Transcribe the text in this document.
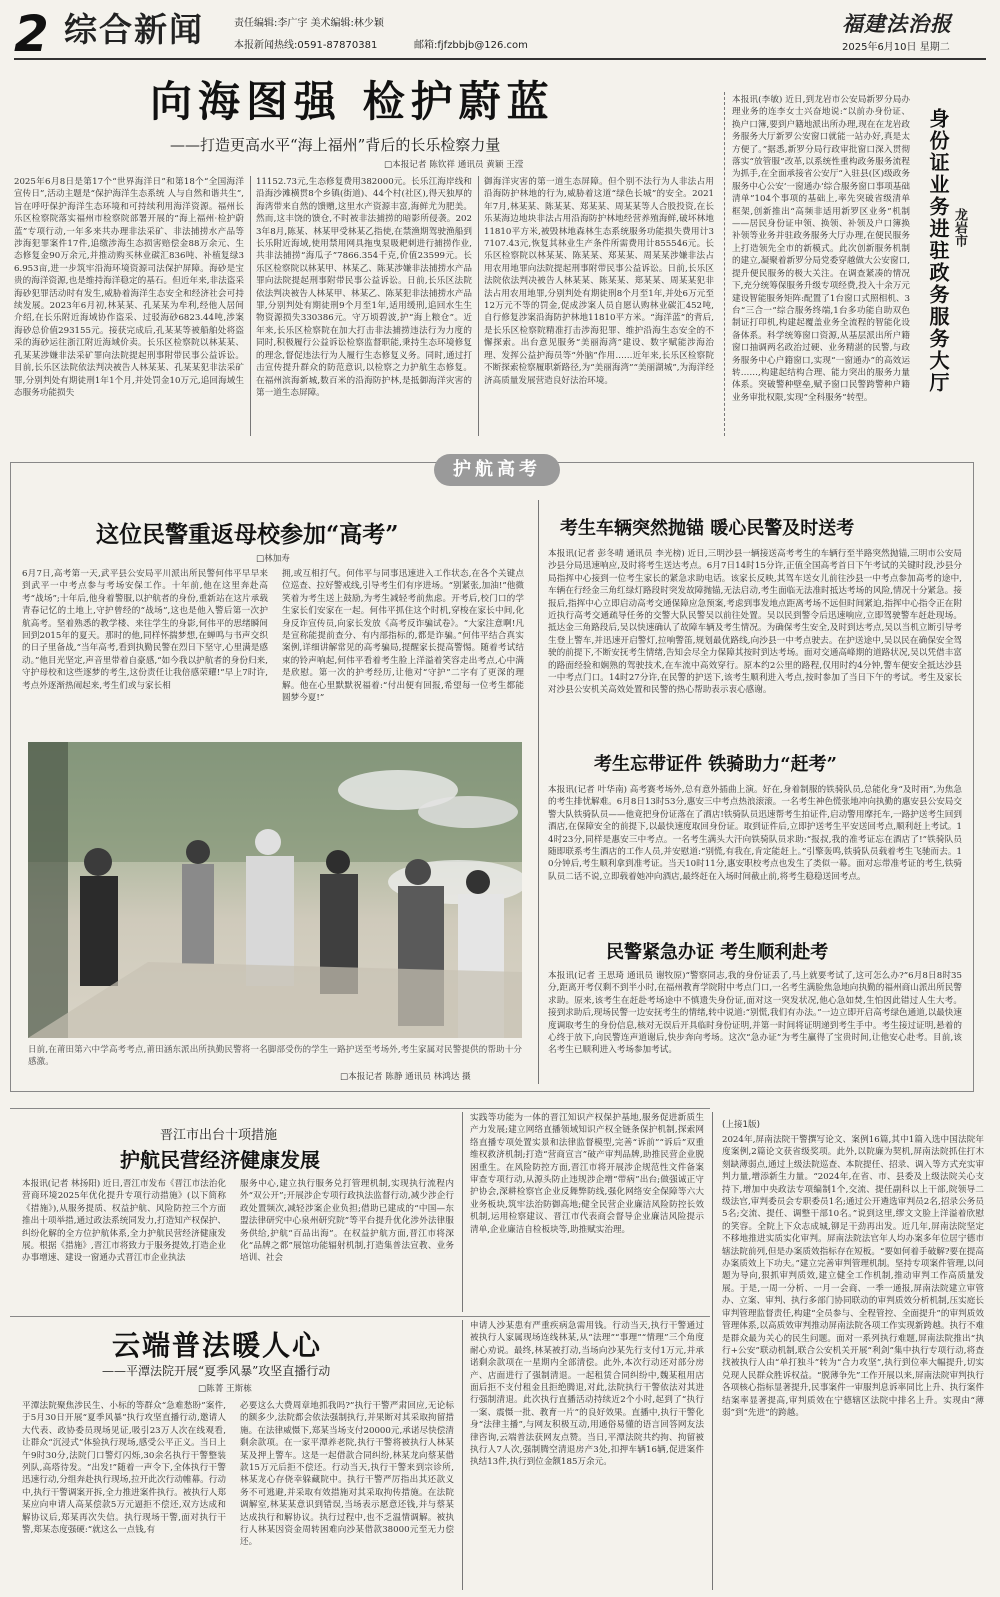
2 综合新闻	责任编辑:李广宇 美术编辑:林少颖
本报新闻热线:0591-87870381	邮箱:fjfzbbjb@126.com
福建法治报
2025年6月10日 星期二
向海图强 检护蔚蓝
——打造更高水平“海上福州”背后的长乐检察力量
□本报记者 陈钦祥 通讯员 黄颖 王滢
2025年6月8日是第17个“世界海洋日”和第18个“全国海洋宣传日”,活动主题是“保护海洋生态系统 人与自然和谐共生”,旨在呼吁保护海洋生态环境和可持续利用海洋资源。福州长乐区检察院落实福州市检察院部署开展的“海上福州·检护蔚蓝”专项行动,一年多来共办理非法采矿、非法捕捞水产品等涉海犯罪案件17件,追缴涉海生态损害赔偿金88万余元、生态修复金90万余元,并推动购买林业碳汇836吨、补植复绿36.953亩,进一步筑牢沿海环境资源司法保护屏障。海砂是宝贵的海洋资源,也是维持海洋稳定的基石。但近年来,非法盗采海砂犯罪活动时有发生,威胁着海洋生态安全和经济社会可持续发展。2023年6月初,林某某、孔某某为牟利,经他人居间介绍,在长乐附近海域协作盗采、过驳海砂6823.44吨,涉案海砂总价值293155元。接获完成后,孔某某等被船舶处将盗采的海砂运往浙江附近海域价卖。长乐区检察院以林某某、孔某某涉嫌非法采矿罪向法院提起刑事附带民事公益诉讼。目前,长乐区法院依法判决被告人林某某、孔某某犯非法采矿罪,分别判处有期徒刑1年1个月,并处罚金10万元,追回海域生态服务功能损失
11152.73元,生态修复费用382000元。长乐江海岸线和沿海沙滩横贯8个乡镇(街道)、44个村(社区),得天独厚的海湾带来自然的馈赠,这里水产资源丰富,海鲜尤为肥美。然而,这丰饶的馈仓,不时被非法捕捞的暗影所侵袭。2023年8月,陈某、林某甲受林某乙指使,在禁渔期驾驶渔船到长乐附近海域,使用禁用网具拖曳泵吸耙刺进行捕捞作业,共非法捕捞“海瓜子”7866.354千克,价值23599元。长乐区检察院以林某甲、林某乙、陈某涉嫌非法捕捞水产品罪向法院提起刑事附带民事公益诉讼。日前,长乐区法院依法判决被告人林某甲、林某乙、陈某犯非法捕捞水产品罪,分别判处有期徒刑9个月至1年,适用缓刑,追回水生生物资源损失330386元。守万顷碧波,护“海上粮仓”。近年来,长乐区检察院在加大打击非法捕捞违法行为力度的同时,积极履行公益诉讼检察监督职能,秉持生态环境修复的理念,督促违法行为人履行生态修复义务。同时,通过打击宣传提升群众的防范意识,以检察之力护航生态修复。在福州滨海新城,数百米的沿海防护林,是抵御海洋灾害的第一道生态屏障。
御海洋灾害的第一道生态屏障。但个别不法行为人非法占用沿海防护林地的行为,威胁着这道“绿色长城”的安全。2021年7月,林某某、陈某某、郑某某、周某某等人合股投资,在长乐某海边地块非法占用沿海防护林地经营养殖海鲜,破坏林地11810平方米,被毁林地森林生态系统服务功能损失费用计37107.43元,恢复其林业生产条件所需费用计855546元。长乐区检察院以林某某、陈某某、郑某某、周某某涉嫌非法占用农用地罪向法院提起刑事附带民事公益诉讼。日前,长乐区法院依法判决被告人林某某、陈某某、郑某某、周某某犯非法占用农用地罪,分别判处有期徒刑8个月至1年,并处6万元至12万元不等的罚金,促成涉案人员自愿认购林业碳汇452吨,自行修复涉案沿海防护林地11810平方米。“海洋蓝”的背后,是长乐区检察院精准打击涉海犯罪、维护沿海生态安全的不懈探索。出台意见服务“美丽海湾”建设、数字赋能涉海治理、发挥公益护海员等“外脑”作用……近年来,长乐区检察院不断探索检察履职新路径,为“美丽海湾”“美丽湖城”,为海洋经济高质量发展营造良好法治环境。
本报讯(李敏) 近日,到龙岩市公安局新罗分局办理业务的连李女士兴奋地说:“以前办身份证、换户口簿,要到户籍地派出所办理,现在在龙岩政务服务大厅新罗公安窗口就能一站办好,真是太方便了。”据悉,新罗分局行政审批窗口深入贯彻落实“放管服”改革,以系统性重构政务服务流程为抓手,在全面承接省公安厅“入驻县(区)级政务服务中心公安‘一窗通办’综合服务窗口事项基础清单”104个事项的基础上,率先突破省级清单框架,创新推出“高频非适用新罗区业务”机制——居民身份证申领、换领、补领及户口簿换补领等业务并驻政务服务大厅办理,在便民服务上打造领先全市的新模式。此次创新服务机制的建立,凝聚着新罗分局党委穿越做大公安窗口,提升便民服务的极大关注。在调查紧凑的情况下,充分统筹保服务升级专项经费,投入十余万元建设智能服务矩阵:配置了1台窗口式照相机、3台“三合一”综合服务终端,1台多功能自助双色制证打印机,构建起覆盖业务全流程的智能化设备体系。科学统筹窗口资源,从基层派出所户籍窗口抽调两名政治过硬、业务精湛的民警,与政务服务中心户籍窗口,实现“一窗通办”的高效运转……,构建起结构合理、能力突出的服务力量体系。突破警种壁垒,赋予窗口民警跨警种户籍业务审批权限,实现“全科服务”转型。
身份证业务进驻政务服务大厅 龙岩市
护航高考
这位民警重返母校参加“高考”
□林加寿
6月7日,高考第一天,武平县公安局平川派出所民警何伟平早早来到武平一中考点参与考场安保工作。十年前,他在这里奔赴高考“战场”;十年后,他身着警服,以护航者的身份,重新站在这片承载青春记忆的土地上,守护曾经的“战场”,这也是他入警后第一次护航高考。坚着熟悉的教学楼、来往学生的身影,何伟平的思绪瞬间回到2015年的夏天。那时的他,同样怀揣梦想,在蝉鸣与书声交织的日子里备战,“当年高考,看到执勤民警在烈日下坚守,心里满是感动。”他目光坚定,声音里带着自豪感,“如今我以护航者的身份归来,守护母校和这些逐梦的考生,这份责任让我倍感荣耀!”早上7时许,考点外逐渐热闹起来,考生们或与家长相
拥,或互相打气。何伟平与同事迅速进入工作状态,在各个关键点位巡查、拉好警戒线,引导考生们有序进场。“别紧张,加油!”他微笑着为考生送上鼓励,为考生减轻考前焦虑。开考后,校门口的学生家长们安家在一起。何伟平抓住这个时机,穿梭在家长中间,化身反诈宣传员,向家长发放《高考反诈骗试卷》。“大家注意啊!凡是宣称能提前查分、有内部指标的,都是诈骗。”何伟平结合真实案例,详细讲解常见的高考骗局,提醒家长提高警惕。随着考试结束的铃声响起,何伟平看着考生脸上洋溢着笑容走出考点,心中满是欣慰。第一次的护考经历,让他对“守护”二字有了更深的理解。他在心里默默祝福着:“付出便有回报,希望每一位考生都能圆梦今夏!”
日前,在莆田第六中学高考考点,莆田涵东派出所执勤民警将一名脚部受伤的学生一路护送至考场外,考生家属对民警提供的帮助十分感激。
□本报记者 陈静 通讯员 林鸿达 摄
考生车辆突然抛锚 暖心民警及时送考
本报讯(记者 彭冬晴 通讯员 李光榜) 近日,三明沙县一辆接送高考考生的车辆行至半路突然抛锚,三明市公安局沙县分局迅速响应,及时将考生送达考点。6月7日14时15分许,正值全国高考首日下午考试的关键时段,沙县分局指挥中心接到一位考生家长的紧急求助电话。该家长反映,其驾车送女儿前往沙县一中考点参加高考的途中,车辆在行经金三角红绿灯路段时突发故障抛锚,无法启动,考生面临无法准时抵达考场的风险,情况十分紧急。接报后,指挥中心立即启动高考交通保障应急预案,考虑到事发地点距离考场不远但时间紧迫,指挥中心指令正在附近执行高考交通疏导任务的交警大队民警吴以前往处置。吴以民到警令后迅速响应,立即驾驶警车赶赴现场。抵达金三角路段后,吴以快速确认了故障车辆及考生情况。为确保考生安全,及时到达考点,吴以当机立断引导考生登上警车,并迅速开启警灯,拉响警笛,规划最优路线,向沙县一中考点驶去。在护送途中,吴以民在确保安全驾驶的前提下,不断安抚考生情绪,告知会尽全力保障其按时到达考场。面对交通高峰期的道路状况,吴以凭借丰富的路面经验和娴熟的驾驶技术,在车流中高效穿行。原本约2公里的路程,仅用时约4分钟,警车便安全抵达沙县一中考点门口。14时27分许,在民警的护送下,该考生顺利进入考点,按时参加了当日下午的考试。考生及家长对沙县公安机关高效处置和民警的热心帮助表示衷心感谢。
考生忘带证件 铁骑助力“赶考”
本报讯(记者 叶华南) 高考赛考场外,总有意外插曲上演。好在,身着制服的铁骑队员,总能化身“及时雨”,为焦急的考生排忧解难。6月8日13时53分,惠安三中考点热浪滚滚。一名考生神色慌张地冲向执勤的惠安县公安局交警大队铁骑队员——他竟把身份证落在了酒店!铁骑队员迅速帮考生拍证件,启动警用摩托车,一路护送考生回到酒店,在保障安全的前提下,以最快速度取回身份证。取到证件后,立即护送考生平安送回考点,顺利赶上考试。14时23分,同样是惠安三中考点。一名考生满头大汗向铁骑队员求助:“报叔,我的准考证忘在酒店了!”铁骑队员随即联系考生酒店的工作人员,并安慰道:“别慌,有我在,肯定能赶上。”引擎轰鸣,铁骑队员载着考生飞驰而去。10分钟后,考生顺利拿到准考证。当天10时11分,惠安职校考点也发生了类似一幕。面对忘带准考证的考生,铁骑队员二话不说,立即载着她冲向酒店,最终赶在入场时间截止前,将考生稳稳送回考点。
民警紧急办证 考生顺利赴考
本报讯(记者 王思琦 通讯员 谢牧原)“警察同志,我的身份证丢了,马上就要考试了,这可怎么办?”6月8日8时35分,距离开考仅剩不到半小时,在福州教育学院附中考点门口,一名考生满脸焦急地向执勤的福州商山派出所民警求助。原来,该考生在赶赴考场途中不慎遗失身份证,面对这一突发状况,他心急如焚,生怕因此错过人生大考。接到求助后,现场民警一边安抚考生的情绪,转中说道:“别慌,我们有办法。”一边立即开启高考绿色通道,以最快速度调取考生的身份信息,核对无误后开具临时身份证明,并第一时间将证明递到考生手中。考生接过证明,悬着的心终于放下,向民警连声道谢后,快步奔向考场。这次“急办证”为考生赢得了宝贵时间,让他安心赴考。目前,该名考生已顺利进入考场参加考试。
晋江市出台十项措施
护航民营经济健康发展
本报讯(记者 林扬阳) 近日,晋江市发布《晋江市法治化营商环境2025年优化提升专项行动措施》(以下简称《措施》),从服务提质、权益护航、风险防控三个方面推出十项举措,通过政法系统同发力,打造知产权保护、纠纷化解的全方位护航体系,全力护航民营经济健康发展。根据《措施》,晋江市将致力于服务提效,打造企业办事增速、建设一窗通办式晋江市企业执法
服务中心,建立执行服务兑打管理机制,实现执行流程内外“双公开”;开展涉企专项行政执法监督行动,减少涉企行政处置频次,减轻涉案企业负担;借助已建成的“中国—东盟法律研究中心泉州研究院”等平台提升优化涉外法律服务供给,护航“百品出海”。在权益护航方面,晋江市将深化“品牌之都”展馆功能辐射机制,打造集普法宣教、业务培训、社会
实践等功能为一体的晋江知识产权保护基地,服务促进新质生产力发展;建立网络直播领域知识产权全链条保护机制,探索网络直播专项处置实景和法律监督模型,完善“诉前”“诉后”双重维权救济机制;打造“营商宣言”破产审判品牌,助推民营企业脱困重生。在风险防控方面,晋江市将开展涉企规范性文件备案审查专项行动,从源头防止违规涉企增“带病”出台;做强诚正守护协会,深耕检察官企业反舞弊防线,强化网络安全保障等六大业务板块,筑牢法治防御高地;健全民营企业廉洁风险防控长效机制,运用检察建议、晋江市代表商会督导企业廉洁风险提示清单,企业廉洁自检板块等,助推赋实治理。
云端普法暖人心
——平潭法院开展“夏季风暴”攻坚直播行动
□陈菁 王斯栋
平潭法院聚焦涉民生、小标的等群众“急难愁盼”案件,于5月30日开展“夏季风暴”执行攻坚直播行动,邀请人大代表、政协委员现场见证,吸引23万人次在线观看,让群众“沉浸式”体验执行现场,感受公平正义。当日上午9时30分,法院门口警灯闪烁,30余名执行干警整装列队,高塔待发。“出发!”随着一声令下,全体执行干警迅速行动,分组奔赴执行现场,拉开此次行动帷幕。行动中,执行干警调案开拆,全力推进案件执行。被执行人郑某应向申请人高某偿款5万元逼拒不偿还,双方达成和解协议后,郑某再次失信。执行现场干警,面对执行干警,郑某态度强硬:“就这么一点钱,有
必要这么大费周章地抓我吗?”执行干警严肃回应,无论标的额多少,法院都会依法强制执行,并果断对其采取拘留措施。在法律威慑下,郑某当场支付20000元,承诺尽快偿清剩余款项。在一家平潭养老院,执行干警将被执行人林某某及押上警车。这是一起借款合同纠纷,林某龙向蔡某借款15万元后拒不偿还。行动当天,执行干警来到宗诊所,林某龙心存侥幸躲藏院中。执行干警严厉指出其还款义务不可逃避,并采取有效措施对其采取拘传措施。在法院调解室,林某某意识到错误,当场表示愿意还钱,并与蔡某达成执行和解协议。执行过程中,也不乏温情调解。被执行人林某因资金周转困难向沙某借款38000元至无力偿还。
申请人沙某患有严重疾病急需用钱。行动当天,执行干警通过被执行人家属现场连线林某,从“法理”“事理”“情理”三个角度耐心劝说。最终,林某被打动,当场向沙某先行支付1万元,并承诺剩余款项在一星期内全部清偿。此外,本次行动还对部分房产、店面进行了强制清退。一起租赁合同纠纷中,魏某租用店面后拒不支付租金且拒绝腾退,对此,法院执行干警依法对其进行强制清退。此次执行直播活动持续近2个小时,起到了“执行一案、震慑一批、教育一片”的良好效果。直播中,执行干警化身“法律主播”,与网友积极互动,用通俗易懂的语言回答网友法律咨询,云端普法获网友点赞。当日,平潭法院共约拘、拘留被执行人7人次,强制腾空清退房产3处,扣押车辆16辆,促进案件执结13件,执行到位金额185万余元。
(上接1版)
2024年,屏南法院干警撰写论文、案例16篇,其中1篇入选中国法院年度案例,2篇论文获省级奖项。此外,以院廉为契机,屏南法院抓住打木刻缺薄弱点,通过上级法院巡查、本院提任、招录、调入等方式充实审判力量,增添新生力量。“2024年,在省、市、县委及上级法院关心支持下,增加中央政法专项编制1个,交流、提任副科以上干部,院领导二级法官,审判委员会专职委员1名;通过公开遴选审判员2名,招录公务员5名;交流、提任、调整干部10名。”说到这里,缪文文脸上洋溢着欣慰的笑容。全院上下众志成城,铆足干劲再出发。近几年,屏南法院坚定不移地推进实质实化审判。屏南法院法官年人均办案多年位居宁德市辖法院前列,但是办案质效指标存在短板。“要如何着手破解?要在提高办案质效上下功夫。”建立完善审判管理机制。坚持专项案件管理,以问题为导向,狠抓审判质效,建立健全工作机制,推动审判工作高质量发展。于是,一周一分析、一月一会商、一季一通报,屏南法院建立审管办、立案、审判、执行多部门协同联动的审判质效分析机制,压实庭长审判管理监督责任,构建“全员参与、全程管控、全面提升”的审判质效管理体系,以高质效审判推动屏南法院各项工作实现新跨越。执行不难是群众最为关心的民生问题。面对一系列执行难题,屏南法院推出“执行+公安”联动机制,联合公安机关开展“利剑”集中执行专项行动,将查找被执行人由“单打独斗”转为“合力攻坚”,执行到位率大幅提升,切实兑现人民群众胜诉权益。“脱薄争先”工作开展以来,屏南法院审判执行各项核心指标显著提升,民事案件一审服判息诉率同比上升、执行案件结案率显著提高,审判质效在宁德辖区法院中排名上升。实现由“薄弱”到“先进”的跨越。
